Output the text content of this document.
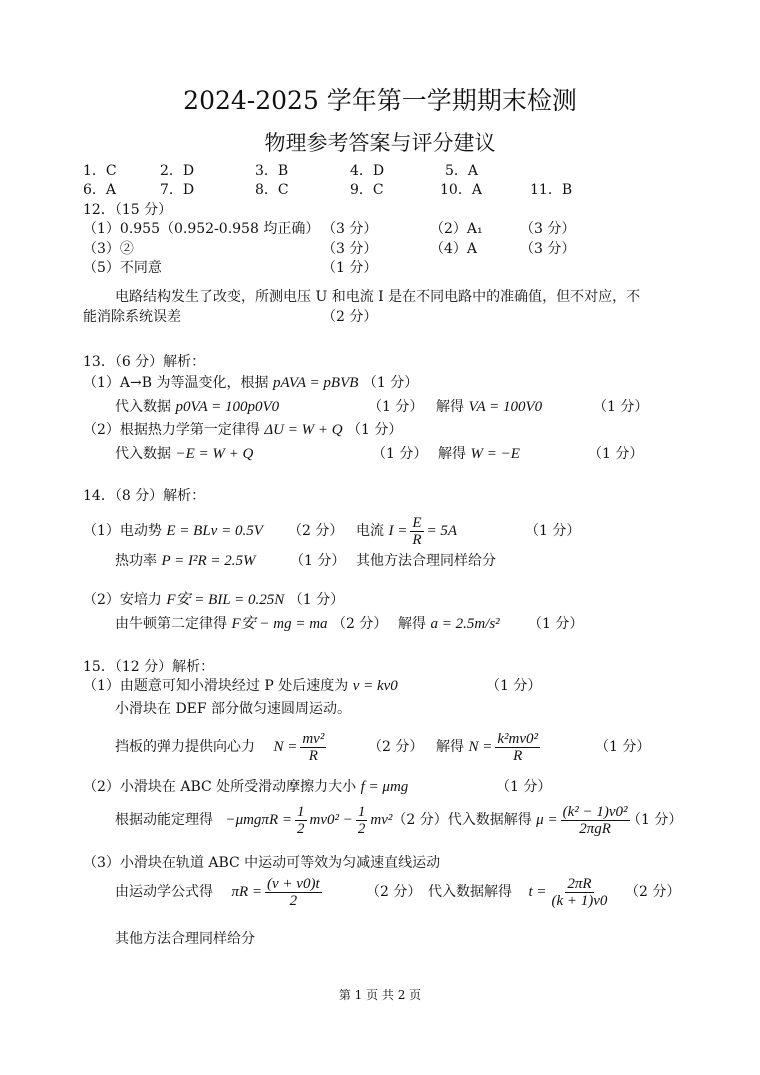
2024-2025 学年第一学期期末检测
物理参考答案与评分建议
1．C	2．D	3．B	4．D	5．A
6．A	7．D	8．C	9．C	10．A	11．B
12．（15 分）
（1）0.955（0.952-0.958 均正确） （3 分）	（2）A₁	（3 分）
（3）②	（3 分）	（4）A	（3 分）
（5）不同意	（1 分）
电路结构发生了改变，所测电压 U 和电流 I 是在不同电路中的准确值，但不对应，不
能消除系统误差	（2 分）
13．（6 分）解析：
（1）A→B 为等温变化，根据 pAVA = pBVB （1 分）
代入数据 p0VA = 100p0V0	（1 分） 解得 VA = 100V0	（1 分）
（2）根据热力学第一定律得 ΔU = W + Q （1 分）
代入数据 −E = W + Q	（1 分） 解得 W = −E	（1 分）
14．（8 分）解析：
（1）电动势 E = BLv = 0.5V （2 分） 电流 $I = \frac{E}{R} = 5A$	（1 分）
热功率 P = I²R = 2.5W （1 分） 其他方法合理同样给分
（2）安培力 F安 = BIL = 0.25N （1 分）
由牛顿第二定律得 F安 − mg = ma （2 分） 解得 a = 2.5m/s² （1 分）
15．（12 分）解析：
（1）由题意可知小滑块经过 P 处后速度为 v = kv0	（1 分）
小滑块在 DEF 部分做匀速圆周运动。
挡板的弹力提供向心力 $N = \frac{\text{mv²}}{R}$	（2 分） 解得 $N = \frac{\text{k²mv0²}}{R}$	（1 分）
（2）小滑块在 ABC 处所受滑动摩擦力大小 f = μmg	（1 分）
根据动能定理得 $-\mu mg\pi R = \frac{1}{2} mv0^2 - \frac{1}{2} mv^2(2$ 分）代入数据解得 $\mu = \frac{\text{(k² − 1)v0²}}{\text{2πgR}}$
（1 分）
（3）小滑块在轨道 ABC 中运动可等效为匀减速直线运动
由运动学公式得 $\pi R = \frac{(v + v0)t}{2}$	（2 分） 代入数据解得 $t = \frac{2\pi R}{(k + 1)v0} (2$ 分）
其他方法合理同样给分
第 1 页 共 2 页
